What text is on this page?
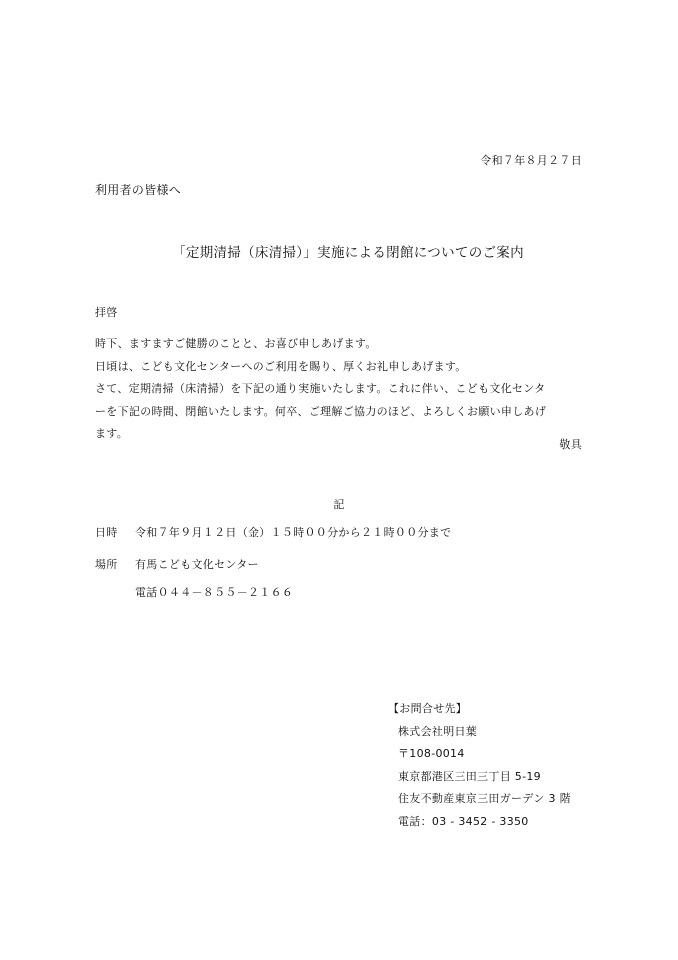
令和７年８月２７日
利用者の皆様へ
「定期清掃（床清掃）」実施による閉館についてのご案内
拝啓

時下、ますますご健勝のことと、お喜び申しあげます。

日頃は、こども文化センターへのご利用を賜り、厚くお礼申しあげます。

さて、定期清掃（床清掃）を下記の通り実施いたします。これに伴い、こども文化センタ

ーを下記の時間、閉館いたします。何卒、ご理解ご協力のほど、よろしくお願い申しあげ

ます。

敬具
記
日時 令和７年９月１２日（金）１５時００分から２１時００分まで
場所 有馬こども文化センター
電話０４４－８５５－２１６６
【お問合せ先】
株式会社明日葉
〒108-0014
東京都港区三田三丁目 5-19
住友不動産東京三田ガーデン 3 階
電話：03 - 3452 - 3350
